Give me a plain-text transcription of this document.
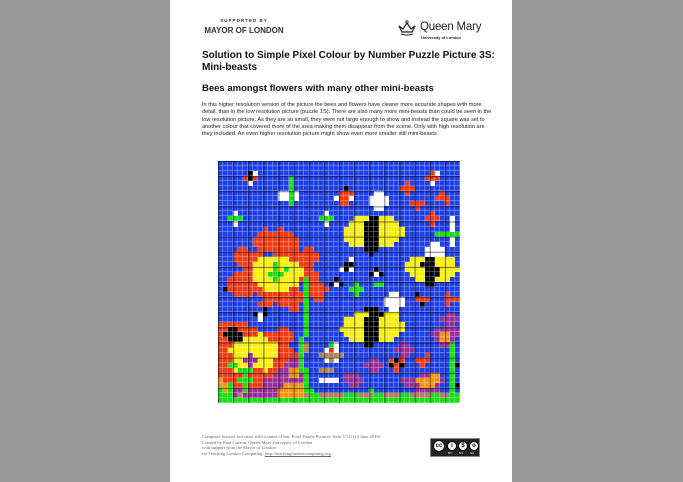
SUPPORTED BY
MAYOR OF LONDON	Queen Mary
University of London
Solution to Simple Pixel Colour by Number Puzzle Picture 3S: Mini-beasts
Bees amongst flowers with many other mini-beasts
In this higher resolution version of the picture the bees and flowers have clearer more accurate shapes with more detail, than in the low resolution picture (puzzle 1S). There are also many more mini-beasts than could be seen in the low resolution picture. As they are so small, they were not large enough to show and instead the square was set to another colour that covered more of the area making them disappear from the scene. Only with high resolution are they included. An even higher resolution picture might show even more smaller still mini-beasts.
Computer Science activities with a sense of fun: Pixel Puzzle Pictures: Soln V1.0 (14 June 2016)
Created by Paul Curzon, Queen Mary University of London
with support from the Mayor of London
for Teaching London Computing: http://teachinglondoncomputing.org
cc	i	$	o
BY NC SA
